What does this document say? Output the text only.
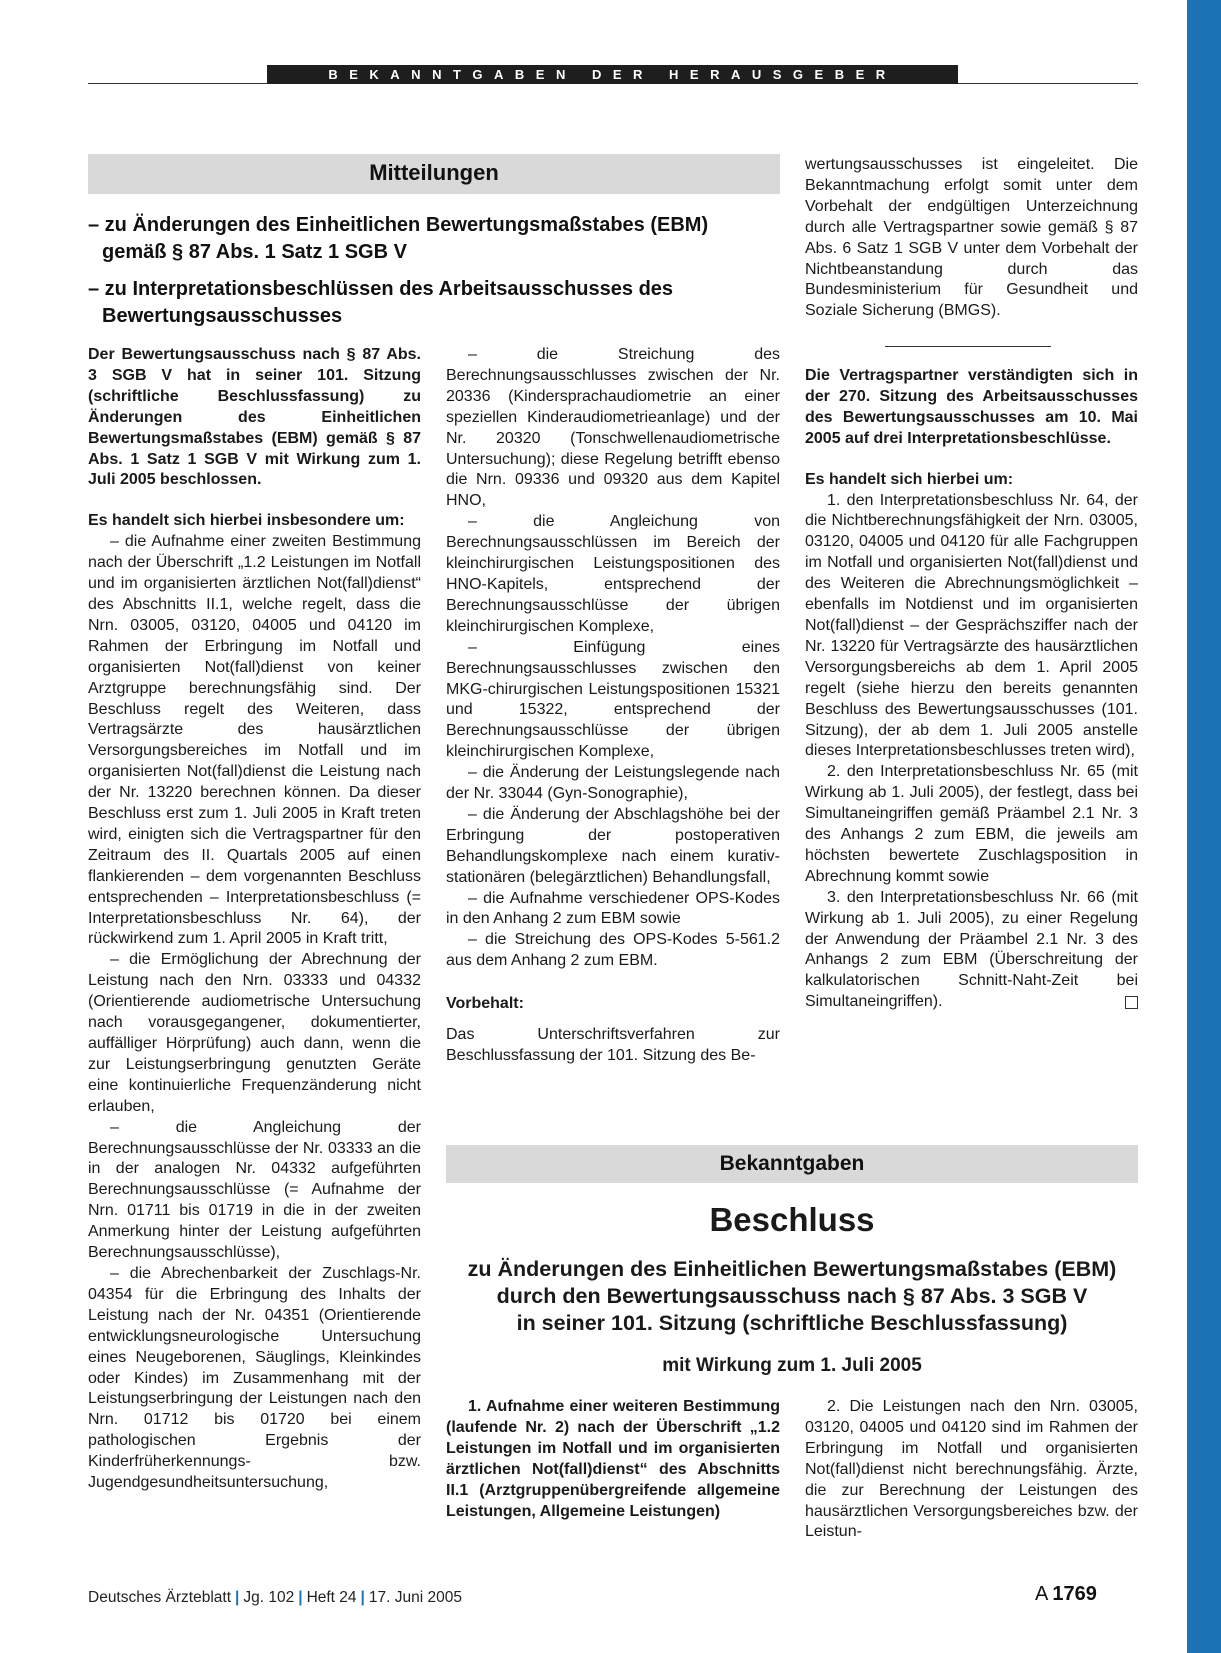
BEKANNTGABEN DER HERAUSGEBER
Mitteilungen
– zu Änderungen des Einheitlichen Bewertungsmaßstabes (EBM)
gemäß § 87 Abs. 1 Satz 1 SGB V
– zu Interpretationsbeschlüssen des Arbeitsausschusses des
Bewertungsausschusses

Der Bewertungsausschuss nach § 87 Abs. 3 SGB V hat in seiner 101. Sitzung (schriftliche Beschlussfassung) zu Änderungen des Einheitlichen Bewertungsmaßstabes (EBM) gemäß § 87 Abs. 1 Satz 1 SGB V mit Wirkung zum 1. Juli 2005 beschlossen.

Es handelt sich hierbei insbesondere um:

– die Aufnahme einer zweiten Bestimmung nach der Überschrift „1.2 Leistungen im Notfall und im organisierten ärztlichen Not(fall)dienst“ des Abschnitts II.1, welche regelt, dass die Nrn. 03005, 03120, 04005 und 04120 im Rahmen der Erbringung im Notfall und organisierten Not(fall)dienst von keiner Arztgruppe berechnungsfähig sind. Der Beschluss regelt des Weiteren, dass Vertragsärzte des hausärztlichen Versorgungsbereiches im Notfall und im organisierten Not(fall)dienst die Leistung nach der Nr. 13220 berechnen können. Da dieser Beschluss erst zum 1. Juli 2005 in Kraft treten wird, einigten sich die Vertragspartner für den Zeitraum des II. Quartals 2005 auf einen flankierenden – dem vorgenannten Beschluss entsprechenden – Interpretationsbeschluss (= Interpretationsbeschluss Nr. 64), der rückwirkend zum 1. April 2005 in Kraft tritt,

– die Ermöglichung der Abrechnung der Leistung nach den Nrn. 03333 und 04332 (Orientierende audiometrische Untersuchung nach vorausgegangener, dokumentierter, auffälliger Hörprüfung) auch dann, wenn die zur Leistungserbringung genutzten Geräte eine kontinuierliche Frequenzänderung nicht erlauben,

– die Angleichung der Berechnungsausschlüsse der Nr. 03333 an die in der analogen Nr. 04332 aufgeführten Berechnungsausschlüsse (= Aufnahme der Nrn. 01711 bis 01719 in die in der zweiten Anmerkung hinter der Leistung aufgeführten Berechnungsausschlüsse),

– die Abrechenbarkeit der Zuschlags-Nr. 04354 für die Erbringung des Inhalts der Leistung nach der Nr. 04351 (Orientierende entwicklungsneurologische Untersuchung eines Neugeborenen, Säuglings, Kleinkindes oder Kindes) im Zusammenhang mit der Leistungserbringung der Leistungen nach den Nrn. 01712 bis 01720 bei einem pathologischen Ergebnis der Kinderfrüherkennungs- bzw. Jugendgesundheitsuntersuchung,

– die Streichung des Berechnungsausschlusses zwischen der Nr. 20336 (Kindersprachaudiometrie an einer speziellen Kinderaudiometrieanlage) und der Nr. 20320 (Tonschwellenaudiometrische Untersuchung); diese Regelung betrifft ebenso die Nrn. 09336 und 09320 aus dem Kapitel HNO,

– die Angleichung von Berechnungsausschlüssen im Bereich der kleinchirurgischen Leistungspositionen des HNO-Kapitels, entsprechend der Berechnungsausschlüsse der übrigen kleinchirurgischen Komplexe,

– Einfügung eines Berechnungsausschlusses zwischen den MKG-chirurgischen Leistungspositionen 15321 und 15322, entsprechend der Berechnungsausschlüsse der übrigen kleinchirurgischen Komplexe,

– die Änderung der Leistungslegende nach der Nr. 33044 (Gyn-Sonographie),

– die Änderung der Abschlagshöhe bei der Erbringung der postoperativen Behandlungskomplexe nach einem kurativ-stationären (belegärztlichen) Behandlungsfall,

– die Aufnahme verschiedener OPS-Kodes in den Anhang 2 zum EBM sowie

– die Streichung des OPS-Kodes 5-561.2 aus dem Anhang 2 zum EBM.

Vorbehalt:

Das Unterschriftsverfahren zur Beschlussfassung der 101. Sitzung des Be-

wertungsausschusses ist eingeleitet. Die Bekanntmachung erfolgt somit unter dem Vorbehalt der endgültigen Unterzeichnung durch alle Vertragspartner sowie gemäß § 87 Abs. 6 Satz 1 SGB V unter dem Vorbehalt der Nichtbeanstandung durch das Bundesministerium für Gesundheit und Soziale Sicherung (BMGS).

Die Vertragspartner verständigten sich in der 270. Sitzung des Arbeitsausschusses des Bewertungsausschusses am 10. Mai 2005 auf drei Interpretationsbeschlüsse.

Es handelt sich hierbei um:

1. den Interpretationsbeschluss Nr. 64, der die Nichtberechnungsfähigkeit der Nrn. 03005, 03120, 04005 und 04120 für alle Fachgruppen im Notfall und organisierten Not(fall)dienst und des Weiteren die Abrechnungsmöglichkeit – ebenfalls im Notdienst und im organisierten Not(fall)dienst – der Gesprächsziffer nach der Nr. 13220 für Vertragsärzte des hausärztlichen Versorgungsbereichs ab dem 1. April 2005 regelt (siehe hierzu den bereits genannten Beschluss des Bewertungsausschusses (101. Sitzung), der ab dem 1. Juli 2005 anstelle dieses Interpretationsbeschlusses treten wird),

2. den Interpretationsbeschluss Nr. 65 (mit Wirkung ab 1. Juli 2005), der festlegt, dass bei Simultaneingriffen gemäß Präambel 2.1 Nr. 3 des Anhangs 2 zum EBM, die jeweils am höchsten bewertete Zuschlagsposition in Abrechnung kommt sowie

3. den Interpretationsbeschluss Nr. 66 (mit Wirkung ab 1. Juli 2005), zu einer Regelung der Anwendung der Präambel 2.1 Nr. 3 des Anhangs 2 zum EBM (Überschreitung der kalkulatorischen Schnitt-Naht-Zeit bei Simultaneingriffen).

Bekanntgaben
Beschluss
zu Änderungen des Einheitlichen Bewertungsmaßstabes (EBM)
durch den Bewertungsausschuss nach § 87 Abs. 3 SGB V
in seiner 101. Sitzung (schriftliche Beschlussfassung)
mit Wirkung zum 1. Juli 2005
1. Aufnahme einer weiteren Bestimmung (laufende Nr. 2) nach der Überschrift „1.2 Leistungen im Notfall und im organisierten ärztlichen Not(fall)dienst“ des Abschnitts II.1 (Arztgruppenübergreifende allgemeine Leistungen, Allgemeine Leistungen)
2. Die Leistungen nach den Nrn. 03005, 03120, 04005 und 04120 sind im Rahmen der Erbringung im Notfall und organisierten Not(fall)dienst nicht berechnungsfähig. Ärzte, die zur Berechnung der Leistungen des hausärztlichen Versorgungsbereiches bzw. der Leistun-
Deutsches Ärzteblatt | Jg. 102 | Heft 24 | 17. Juni 2005	A 1769
